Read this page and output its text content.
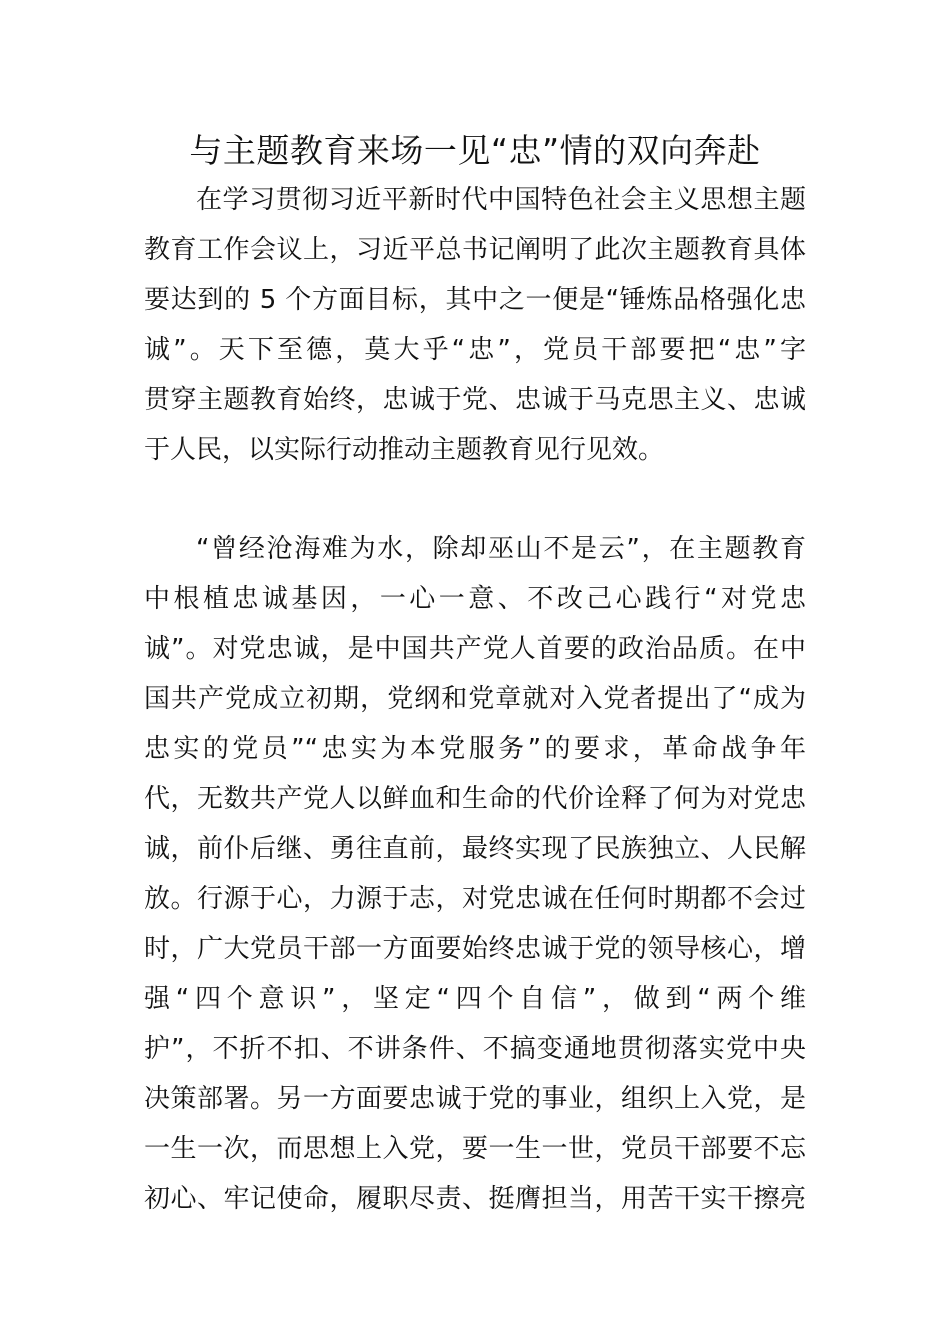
与主题教育来场一见“忠”情的双向奔赴
在学习贯彻习近平新时代中国特色社会主义思想主题
教育工作会议上，习近平总书记阐明了此次主题教育具体
要达到的 5 个方面目标，其中之一便是“锤炼品格强化忠
诚”。天下至德，莫大乎“忠”，党员干部要把“忠”字
贯穿主题教育始终，忠诚于党、忠诚于马克思主义、忠诚
于人民，以实际行动推动主题教育见行见效。
“曾经沧海难为水，除却巫山不是云”，在主题教育
中根植忠诚基因，一心一意、不改己心践行“对党忠
诚”。对党忠诚，是中国共产党人首要的政治品质。在中
国共产党成立初期，党纲和党章就对入党者提出了“成为
忠实的党员”“忠实为本党服务”的要求，革命战争年
代，无数共产党人以鲜血和生命的代价诠释了何为对党忠
诚，前仆后继、勇往直前，最终实现了民族独立、人民解
放。行源于心，力源于志，对党忠诚在任何时期都不会过
时，广大党员干部一方面要始终忠诚于党的领导核心，增
强“四个意识”，坚定“四个自信”，做到“两个维
护”，不折不扣、不讲条件、不搞变通地贯彻落实党中央
决策部署。另一方面要忠诚于党的事业，组织上入党，是
一生一次，而思想上入党，要一生一世，党员干部要不忘
初心、牢记使命，履职尽责、挺膺担当，用苦干实干擦亮
